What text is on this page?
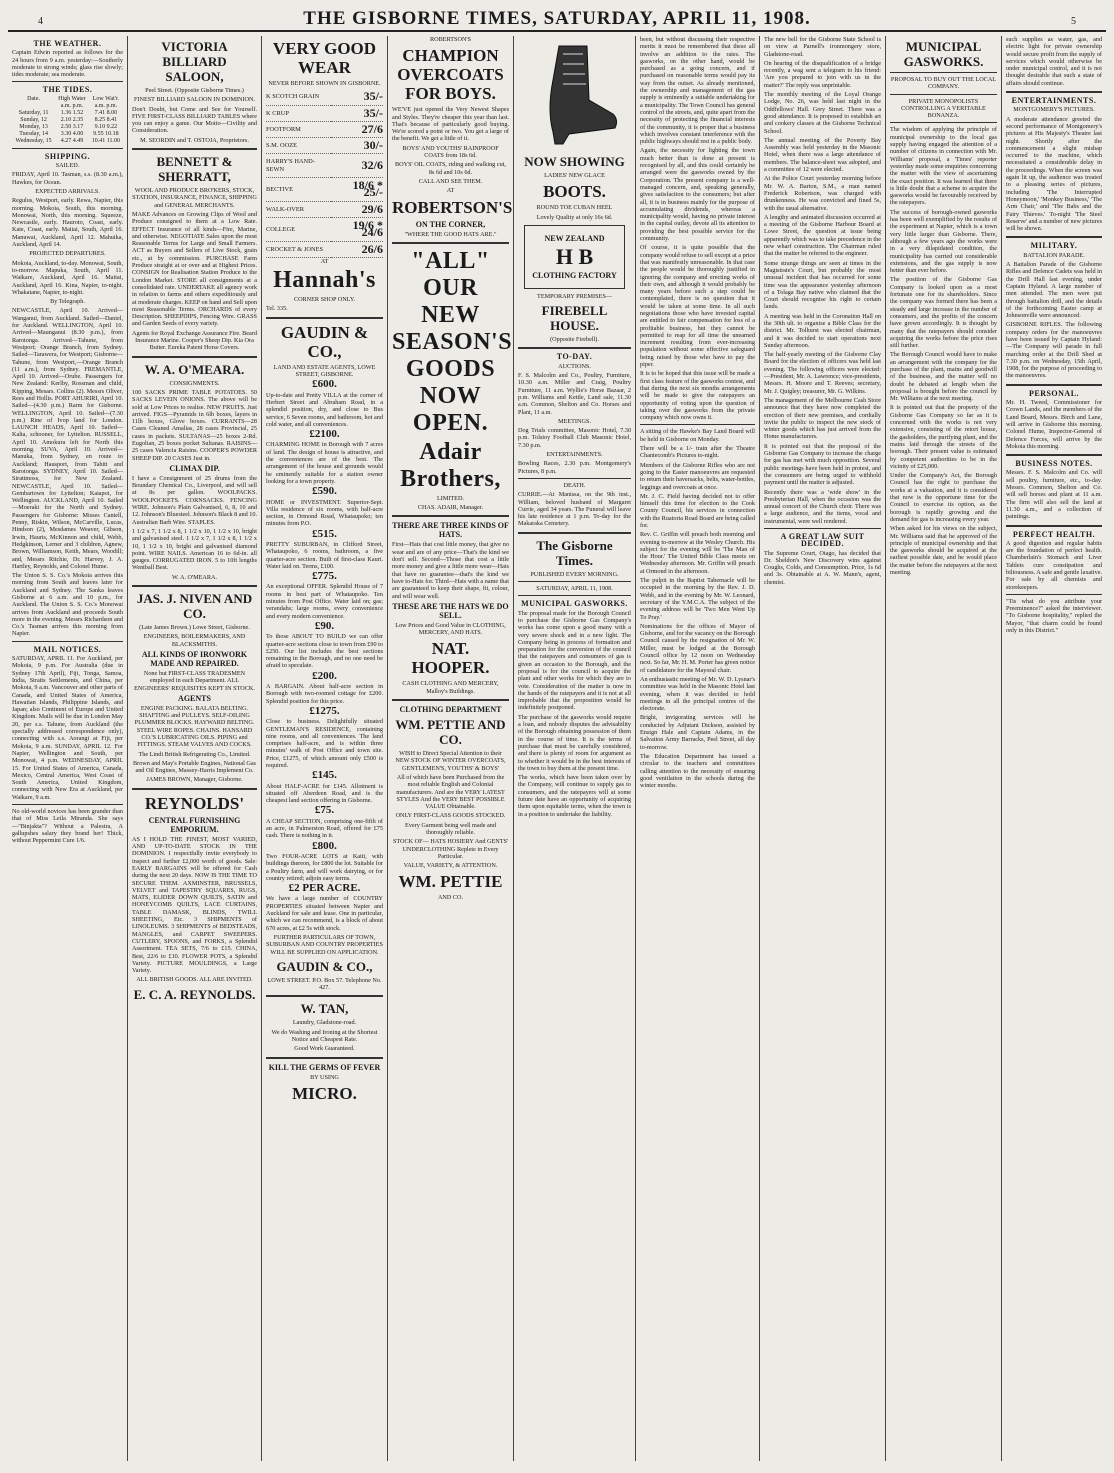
4	THE GISBORNE TIMES, SATURDAY, APRIL 11, 1908.	5
THE WEATHER.

Captain Edwin reported as follows for the 24 hours from 9 a.m. yesterday:—Southerly moderate to strong winds; glass rise slowly; tides moderate; sea moderate.

THE TIDES.
Date.	High Water	Low Wat'r.
	a.m. p.m.	a.m. p.m.
Saturday, 11	1.36 1.52	7.41 8.00
Sunday, 12	2.10 2.35	8.25 8.41
Monday, 13	2.50 3.17	9.10 9.22
Tuesday, 14	3.30 4.00	9.55 10.18
Wednesday, 15	4.27 4.49	10.41 11.00
SHIPPING.

SAILED.

FRIDAY, April 10. Tasman, s.s. (8.30 a.m.), Hawkes, for Ocean.

EXPECTED ARRIVALS.

Regulus, Westport, early. Rewa, Napier, this morning. Mokoia, South, this morning. Monowai, North, this morning. Squeeze, Newcastle, early. Hauroto, Coast, early. Kate, Coast, early. Maitai, South, April 16. Manuwai, Auckland, April 12. Mahuika, Auckland, April 14.

PROJECTED DEPARTURES.

Mokoia, Auckland, to-day. Monowai, South, to-morrow. Mapuka, South, April 11. Waikare, Auckland, April 16. Maitai, Auckland, April 16. Kina, Napier, to-night. Whakatane, Napier, to-night.

By Telegraph.

NEWCASTLE, April 10. Arrived—Wanganui, from Auckland. Sailed—Daniel, for Auckland. WELLINGTON, April 10. Arrived—Maunganui (8.30 p.m.), from Rarotonga. Arrived—Tahune, from Westport; Orange Branch, from Sydney. Sailed—Tarawera, for Westport; Gisborne—Tahune, from Westport,—Orange Branch (11 a.m.), from Sydney. FREMANTLE, April 10. Arrived—Orube. Passengers for New Zealand: Kerlby, Rossman and child, Kipping, Mesars. Collins (2). Messrs Oliver, Rees and Hollis. PORT AHURIRI, April 10. Sailed—(4.30 p.m.) Rarm for Gisborne. WELLINGTON, April 10. Sailed—(7.30 p.m.) Rine of Ivop land for London. LAUNCH HEADS, April 10. Sailed—Kalta, schooner, for Lyttelton. RUSSELL, April 10. Amokura left for North this morning. SUVA, April 10. Arrived—Manuka, from Sydney, en route to Auckland; Hausport, from Tahiti and Rarotonga. SYDNEY, April 10. Sailed—Sirattmoss, for New Zealand. NEWCASTLE, April 10. Sailed—Gembartown for Lyttelton; Kaiapoi, for Wellington. AUCKLAND, April 10. Sailed—Moeraki for the North and Sydney. Passengers for Gisborne: Misses Cantell, Penny, Riskin, Wilson, McCarville, Lucas, Hindson (2), Mesdames Weaver, Gibson, Irwin, Hauris, McKinnon and child, Webb, Hedgkinson, Lerner and 3 children, Agnew, Brown, Williamson, Keith, Mears, Woodill; and, Messrs Ritchie, Dr. Harvey, J. A. Hartley, Reynolds, and Colonel Hume.

The Union S. S. Co.'s Mokoia arrives this morning from South and leaves later for Auckland and Sydney. The Sanka leaves Gisborne at 6 a.m. and 10 p.m., for Auckland. The Union S. S. Co.'s Monowai arrives from Auckland and proceeds South more in the evening. Messrs Richardson and Co.'s Tasman arrives this morning from Napier.

MAIL NOTICES.

SATURDAY, APRIL 11. For Auckland, per Mokoia, 9 p.m. For Australia (due in Sydney 17th April), Fiji, Tonga, Samoa, India, Straits Settlements, and China, per Mokoia, 9 a.m. Vancouver and other parts of Canada, and United States of America, Hawaiian Islands, Philippine Islands, and Japan; also Continent of Europe and United Kingdom. Mails will be due in London May 20, per s.s. Tahune, from Auckland (the specially addressed correspondence only), connecting with s.s. Aorangi at Fiji, per Mokoia, 9 a.m. SUNDAY, APRIL 12. For Napier, Wellington and South, per Monowai, 4 p.m. WEDNESDAY, APRIL 15. For United States of America, Canada, Mexico, Central America, West Coast of South America, United Kingdom, connecting with New Era at Auckland, per Waikare, 9 a.m.

No old-world novices has been grander than that of Miss Leila Miranda. She says—"Binjakta"? Without a Palestra, A gallupshes salary they brand her! Thick, without Peppermint Cure 1/6.

VICTORIA BILLIARD SALOON,

Peel Street. (Opposite Gisborne Times.)

FINEST BILLIARD SALOON IN DOMINION.

Don't Doubt, but Come and See for Yourself. FIVE FIRST-CLASS BILLIARD TABLES where you can enjoy a game. Our Motto—Civility and Consideration.

M. SEORDIN and T. OSTOJA, Proprietors.

BENNETT & SHERRATT,

WOOL AND PRODUCE BRO'KERS, STOCK, STATION, INSURANCE, FINANCE, SHIPPING and GENERAL MERCHANTS.

MAKE Advances on Growing Clips of Wool and Produce consigned to them at a Low Rate. EFFECT Insurance of all kinds—Fire, Marine, and otherwise. NEGOTIATE Sales upon the most Reasonable Terms for Large and Small Farmers. ACT as Buyers and Sellers of Live Stock, grain etc., at by commission. PURCHASE Farm Produce straight at or over and at Highest Prices. CONSIGN for Realisation Station Produce to the London Market. STORE all consignments at a consolidated rate. UNDERTAKE all agency work in relation to farms and others expeditiously and at moderate charges. KEEP on hand and Sell upon most Reasonable Terms. ORCHARDS of every Description. SHEEPDIPS, Fencing Wire. GRASS and Garden Seeds of every variety.

Agents for Royal Exchange Assurance Fire. Beard Insurance Marine. Cooper's Sheep Dip. Kia Ora Butter. Eureka Patent Horse Covers.

W. A. O'MEARA.

CONSIGNMENTS.

100 SACKS PRIME TABLE POTATOES. 50 SACKS LEVEIN ONIONS. The above will be sold at Low Prices to realise. NEW FRUITS. Just arrived. FIGS—Pyramids in 6lb boxes, layers in 11lb boxes, Glove boxes. CURRANTS—28 Cases Cleaned Amalias, 28 cases Provincial, 25 cases in packets. SULTANAS—25 boxes 2-Rd. Eugolian, 25 boxes pocket Sultanas. RAISINS—25 cases Valencia Raisins. COOPER'S POWDER SHEEP DIP. 20 CASES Just in.

CLIMAX DIP.

I have a Consignment of 25 drums from the Boundary Chemical Co., Liverpool, and will sell at 8s per gallon. WOOLPACKS. WOOLPOCKETS. CORNSACKS. FENCING WIRE. Johnson's Plain Galvanised, 6, 8, 10 and 12. Johnson's Bluesteel. Johnson's Black 8 and 10. Australian Barb Wire. STAPLES.

1 1/2 x 7, 1 1/2 x 8, 1 1/2 x 10, 1 1/2 x 10, bright and galvanised steel. 1 1/2 x 7, 1 1/2 x 8, 1 1/2 x 10, 1 1/2 x 10, bright and galvanised diamond point. WIRE NAILS. American 16 to 6d-in. all gauges. CORRUGATED IRON. 5 to 10ft lengths Wentball Best.

W. A. O'MEARA.

JAS. J. NIVEN AND CO.

(Late James Brown.) Lowe Street, Gisborne.

ENGINEERS, BOILERMAKERS, AND BLACKSMITHS.

ALL KINDS OF IRONWORK MADE AND REPAIRED.

None but FIRST-CLASS TRADESMEN employed in each Department. ALL ENGINEERS' REQUISITES KEPT IN STOCK.

AGENTS

ENGINE PACKING. BALATA BELTING. SHAFTING and PULLEYS. SELF-OILING PLUMMER BLOCKS. HAYWARD BELTING. STEEL WIRE ROPES. CHAINS. HANSARD CO.'S LUBRICATING OILS. PIPING and FITTINGS. STEAM VALVES AND COCKS.

The Lindi British Refrigerating Co., Limited.

Brown and May's Portable Engines, National Gas and Oil Engines, Massey-Harris Implement Co.

JAMES BROWN, Manager, Gisborne.

REYNOLDS'
CENTRAL FURNISHING EMPORIUM.

AS I HOLD THE FINEST, MOST VARIED, AND UP-TO-DATE STOCK IN THE DOMINION. I respectfully invite everybody to inspect and further £2,000 worth of goods. Sale: EARLY BARGAINS will be offered for Cash during the next 20 days. NOW IS THE TIME TO SECURE THEM. AXMINSTER, BRUSSELS, VELVET and TAPESTRY SQUARES, RUGS, MATS, ELIDER DOWN QUILTS, SATIN and HONEYCOMB QUILTS, LACE CURTAINS, TABLE DAMASK, BLINDS, TWILL SHEETING, Etc. 3 SHIPMENTS of LINOLEUMS. 3 SHIPMENTS of BEDSTEADS, MANGLES, and CARPET SWEEPERS. CUTLERY, SPOONS, and FORKS, a Splendid Assortment. TEA SETS, 7/6 to £15. CHINA, Best, 22/6 to £10. FLOWER POTS, a Splendid Variety. PICTURE MOULDINGS, a Large Variety.

ALL BRITISH GOODS. ALL ARE INVITED.

E. C. A. REYNOLDS.
VERY GOOD WEAR

NEVER BEFORE SHOWN IN GISBORNE.

K SCOTCH GRAIN	35/-
K CRUP	35/-
FOOTFORM	27/6
S.M. OOZE	30/-
HARRY'S HAND-SEWN	32/6
BECTIVE	18/6 * 25/-
WALK-OVER	29/6
COLLEGE	19/6 * 24/6
CROCKET & JONES	26/6

AT

Hannah's

CORNER SHOP ONLY.

Tel. 335.

GAUDIN & CO.,

LAND AND ESTATE AGENTS, LOWE STREET, GISBORNE.

£600.

Up-to-date and Pretty VILLA at the corner of Herbert Street and Abraham Road, in a splendid position, dry, and close to Bus service, 6 Seven rooms, and bathroom, hot and cold water, and all conveniences.

£2100.

CHARMING HOME in Borough with 7 acres of land. The design of house is attractive, and the conveniences are of the best. The arrangement of the house and grounds would be eminently suitable for a station owner looking for a town property.

£590.

HOME or INVESTMENT. Superior-Sept. Villa residence of six rooms, with half-acre section, in Ormond Road, Whataupoko; ten minutes from P.O.

£515.

PRETTY SUBURBAN, in Clifford Street, Whataupoko, 6 rooms, bathroom, a five quarter-acre section. Built of first-class Kauri. Water laid on. Terms, £100.

£775.

An exceptional OFFER. Splendid House of 7 rooms in best part of Whataupoko. Ten minutes from Post Office. Water laid on; gas; verandahs; large rooms, every convenience and every modern convenience.

£90.

To those ABOUT TO BUILD we can offer quarter-acre sections close to town from £90 to £250. Our list includes the best sections remaining in the Borough, and no one need be afraid to speculate.

£200.

A BARGAIN. About half-acre section in Borough with two-roomed cottage for £200. Splendid position for this price.

£1275.

Close to business. Delightfully situated GENTLEMAN'S RESIDENCE, containing nine rooms, and all conveniences. The land comprises half-acre, and is within three minutes' walk of Post Office and town site. Price, £1275, of which amount only £500 is required.

£145.

About HALF-ACRE for £145. Allotment is situated off Aberdeen Road, and is the cheapest land section offering in Gisborne.

£75.

A CHEAP SECTION, comprising one-fifth of an acre, in Palmerston Road, offered for £75 cash. There is nothing in it.

£800.

Two FOUR-ACRE LOTS at Kaiti, with buildings thereon, for £800 the lot. Suitable for a Poultry farm, and will work dairying, or for country retired; adjoin easy terms.

£2 PER ACRE.

We have a large number of COUNTRY PROPERTIES situated between Napier and Auckland for sale and lease. One in particular, which we can recommend, is a block of about 670 acres, at £2 5s with stock.

FURTHER PARTICULARS OF TOWN, SUBURBAN AND COUNTRY PROPERTIES WILL BE SUPPLIED ON APPLICATION.

GAUDIN & CO.,

LOWE STREET. P.O. Box 57. Telephone No. 427.

W. TAN,

Laundry, Gladstone-road.

We do Washing and Ironing at the Shortest Notice and Cheapest Rate.

Good Work Guaranteed.

KILL THE GERMS OF FEVER

BY USING

MICRO.

ROBERTSON'S

CHAMPION OVERCOATS FOR BOYS.

WE'VE just opened the Very Newest Shapes and Styles. They're cheaper this year than last. That's because of particularly good buying. We're scored a point or two. You get a large of the benefit. We get a little of it.

BOYS' AND YOUTHS' RAINPROOF COATS from 18s 6d.

BOYS' OIL COATS, riding and walking cut, 8s 6d and 10s 6d.

CALL AND SEE THEM.

AT

ROBERTSON'S
ON THE CORNER,

"WHERE THE GOOD HATS ARE."

"ALL" OUR NEW SEASON'S GOODS NOW OPEN.
Adair Brothers,

LIMITED.

CHAS. ADAIR, Manager.

THERE ARE THREE KINDS OF HATS.

First—Hats that cost little money, that give no wear and are of any price—That's the kind we don't sell. Second—Those that cost a little more money and give a little more wear—Hats that have no guarantee—that's the kind we have to-Hats for. Third—Hats with a name that are guaranteed to keep their shape, fit, colour, and will wear well.

THESE ARE THE HATS WE DO SELL.

Low Prices and Good Value in CLOTHING, MERCERY, AND HATS.

NAT. HOOPER.

CASH CLOTHING AND MERCERY, Malloy's Buildings.

CLOTHING DEPARTMENT
WM. PETTIE AND CO.

WISH to Direct Special Attention to their NEW STOCK OF WINTER OVERCOATS, GENTLEMEN'S, YOUTHS' & BOYS'

All of which have been Purchased from the most reliable English and Colonial manufacturers. And are the VERY LATEST STYLES And the VERY BEST POSSIBLE VALUE Obtainable.

ONLY FIRST-CLASS GOODS STOCKED.

Every Garment being well made and thoroughly reliable.

STOCK OF— HATS HOSIERY And GENTS' UNDERCLOTHING Replete in Every Particular.

VALUE, VARIETY, & ATTENTION.

WM. PETTIE

AND CO.

NOW SHOWING

LADIES' NEW GLACE

BOOTS.

ROUND TOE CUBAN HEEL

Lovely Quality at only 16s 6d.

NEW ZEALAND
H B
CLOTHING FACTORY

TEMPORARY PREMISES—

FIREBELL HOUSE.

(Opposite Firebell).

TO-DAY.

AUCTIONS.

F. S. Malcolm and Co., Poultry, Furniture, 10.30 a.m. Miller and Craig, Poultry Furniture, 11 a.m. Wyllie's Horse Bazaar, 2 p.m. Williams and Kettle, Land sale, 11.30 a.m. Common, Shelton and Co. Horses and Plant, 11 a.m.

MEETINGS.

Dog Trials committee, Masonic Hotel, 7.30 p.m. Tolstoy Football Club Masonic Hotel, 7.30 p.m.

ENTERTAINMENTS.

Bowling Races, 2.30 p.m. Montgomery's Pictures, 8 p.m.

DEATH.

CURRIE.—At Manissa, on the 9th inst., William, beloved husband of Margaret Currie, aged 34 years. The Funeral will leave his late residence at 1 p.m. To-day for the Makaraka Cemetery.

The Gisborne Times.

PUBLISHED EVERY MORNING.

SATURDAY, APRIL 11, 1908.

MUNICIPAL GASWORKS.

The proposal made for the Borough Council to purchase the Gisborne Gas Company's works has come upon a good many with a very severe shock and in a new light. The Company being in process of formation and preparation for the conversion of the council that the ratepayers and consumers of gas is given an occasion to the Borough, and the proposal is for the council to acquire the plant and other works for which they are to vote. Consideration of the matter is now in the hands of the ratepayers and it is not at all improbable that the proposition would be indefinitely postponed.

The purchase of the gasworks would require a loan, and nobody disputes the advisability of the Borough obtaining possession of them in the course of time. It is the terms of purchase that must be carefully considered, and there is plenty of room for argument as to whether it would be in the best interests of the town to buy them at the present time.

The works, which have been taken over by the Company, will continue to supply gas to consumers, and the ratepayers will at some future date have an opportunity of acquiring them upon equitable terms, when the town is in a position to undertake the liability.

been, but without discussing their respective merits it must be remembered that these all involve an addition to the rates. The gasworks, on the other hand, would be purchased as a going concern, and if purchased on reasonable terms would pay its way from the outset. As already mentioned, the ownership and management of the gas supply is eminently a suitable undertaking for a municipality. The Town Council has general control of the streets, and, quite apart from the necessity of protecting the financial interests of the community, it is proper that a business which involves constant interference with the public highways should rest in a public body.

Again, the necessity for lighting the town much better than is done at present is recognised by all, and this could certainly be arranged were the gasworks owned by the Corporation. The present company is a well-managed concern, and, speaking generally, gives satisfaction to the consumers; but after all, it is in business mainly for the purpose of accumulating dividends, whereas a municipality would, having no private interest in the capital outlay, devote all its attention to providing the best possible service for the community.

Of course, it is quite possible that the company would refuse to sell except at a price that was manifestly unreasonable. In that case the people would be thoroughly justified in ignoring the company and erecting works of their own, and although it would probably be many years before such a step could be contemplated, there is no question that it would be taken at some time. In all such negotiations those who have invested capital are entitled to fair compensation for loss of a profitable business, but they cannot be permitted to reap for all time the unearned increment resulting from ever-increasing population without some effective safeguard being raised by those who have to pay the piper.

It is to be hoped that this issue will be made a first class feature of the gasworks contest, and that during the next six months arrangements will be made to give the ratepayers an opportunity of voting upon the question of taking over the gasworks from the private company which now owns it.

A sitting of the Hawke's Bay Land Board will be held in Gisborne on Monday.

There will be a 1/- train after the Theatre Chantecomb's Pictures to-night.

Members of the Gisborne Rifles who are not going to the Easter manoeuvres are requested to return their haversacks, belts, water-bottles, leggings and overcoats at once.

Mr. J. C. Field having decided not to offer himself this time for election to the Cook County Council, his services in connection with the Ruatoria Road Board are being called for.

Rev. C. Griffin will preach both morning and evening to-morrow at the Wesley Church. His subject for the evening will be 'The Man of the Hour.' The United Bible Class meets on Wednesday afternoon. Mr. Griffin will preach at Ormond in the afternoon.

The pulpit in the Baptist Tabernacle will be occupied in the morning by the Rev. J. D. Webb, and in the evening by Mr. W. Leonard, secretary of the Y.M.C.A. The subject of the evening address will be 'Two Men Went Up To Pray.'

Nominations for the offices of Mayor of Gisborne, and for the vacancy on the Borough Council caused by the resignation of Mr. W. Miller, must be lodged at the Borough Council office by 12 noon on Wednesday next. So far, Mr. H. M. Porter has given notice of candidature for the Mayoral chair.

An enthusiastic meeting of Mr. W. D. Lysnar's committee was held in the Masonic Hotel last evening, when it was decided to hold meetings in all the principal centres of the electorate.

Bright, invigorating services will be conducted by Adjutant Dickson, assisted by Ensign Hale and Captain Adams, in the Salvation Army Barracks, Peel Street, all day to-morrow.

The Education Department has issued a circular to the teachers and committees calling attention to the necessity of ensuring good ventilation in the schools during the winter months.

The new bell for the Gisborne State School is on view at Parnell's ironmongery store, Gladstone-road.

On hearing of the disqualification of a bridge recently, a wag sent a telegram to his friend: 'Are you prepared to join with us in the matter?' The reply was unprintable.

The monthly meeting of the Loyal Orange Lodge, No. 26, was held last night in the Oddfellows' Hall. Grey Street. There was a good attendance. It is proposed to establish art and cookery classes at the Gisborne Technical School.

The annual meeting of the Poverty Bay Assembly was held yesterday in the Masonic Hotel, when there was a large attendance of members. The balance-sheet was adopted, and a committee of 12 were elected.

At the Police Court yesterday morning before Mr. W. A. Barton, S.M., a man named Frederick Robertson, was charged with drunkenness. He was convicted and fined 5s, with the usual alternative.

A lengthy and animated discussion occurred at a meeting of the Gisborne Harbour Board at Lowe Street, the question at issue being apparently which was to take precedence in the new wharf construction. The Chairman ruled that the matter be referred to the engineer.

Some strange things are seen at times in the Magistrate's Court, but probably the most unusual incident that has occurred for some time was the appearance yesterday afternoon of a Tolaga Bay native who claimed that the Court should recognise his right to certain lands.

A meeting was held in the Coronation Hall on the 30th ult. to organise a Bible Class for the district. Mr. Tolhurst was elected chairman, and it was decided to start operations next Sunday afternoon.

The half-yearly meeting of the Gisborne Clay Board for the election of officers was held last evening. The following officers were elected:—President, Mr. A. Lawrence; vice-presidents, Messrs. H. Moore and T. Reeves; secretary, Mr. J. Quigley; treasurer, Mr. G. Wilkins.

The management of the Melbourne Cash Store announce that they have now completed the erection of their new premises, and cordially invite the public to inspect the new stock of winter goods which has just arrived from the Home manufacturers.

It is pointed out that the proposal of the Gisborne Gas Company to increase the charge for gas has met with much opposition. Several public meetings have been held in protest, and the consumers are being urged to withhold payment until the matter is adjusted.

Recently there was a 'wide show' in the Presbyterian Hall, when the occasion was the annual concert of the Church choir. There was a large audience, and the items, vocal and instrumental, were well rendered.

A GREAT LAW SUIT DECIDED.

The Supreme Court, Otago, has decided that Dr. Sheldon's New Discovery wins against Coughs, Colds, and Consumption. Price, 1s 6d and 3s. Obtainable at A. W. Mann's, agent, chemist.

MUNICIPAL GASWORKS.

PROPOSAL TO BUY OUT THE LOCAL COMPANY.

PRIVATE MONOPOLISTS CONTROLLING A VERITABLE BONANZA.

The wisdom of applying the principle of municipal ownership to the local gas supply having engaged the attention of a number of citizens in connection with Mr. Williams' proposal, a 'Times' reporter yesterday made some enquiries concerning the matter with the view of ascertaining the exact position. It was learned that there is little doubt that a scheme to acquire the gasworks would be favourably received by the ratepayers.

The success of borough-owned gasworks has been well exemplified by the results of the experiment at Napier, which is a town very little larger than Gisborne. There, although a few years ago the works were in a very dilapidated condition, the municipality has carried out considerable extensions, and the gas supply is now better than ever before.

The position of the Gisborne Gas Company is looked upon as a most fortunate one for its shareholders. Since the company was formed there has been a steady and large increase in the number of consumers, and the profits of the concern have grown accordingly. It is thought by many that the ratepayers should consider acquiring the works before the price rises still further.

The Borough Council would have to make an arrangement with the company for the purchase of the plant, mains and goodwill of the business, and the matter will no doubt be debated at length when the proposal is brought before the council by Mr. Williams at the next meeting.

It is pointed out that the property of the Gisborne Gas Company so far as it is concerned with the works is not very extensive, consisting of the retort house, the gasholders, the purifying plant, and the mains laid through the streets of the borough. Their present value is estimated by competent authorities to be in the vicinity of £25,000.

Under the Company's Act, the Borough Council has the right to purchase the works at a valuation, and it is considered that now is the opportune time for the Council to exercise its option, as the borough is rapidly growing and the demand for gas is increasing every year.

When asked for his views on the subject, Mr. Williams said that he approved of the principle of municipal ownership and that the gasworks should be acquired at the earliest possible date, and he would place the matter before the ratepayers at the next meeting.

such supplies as water, gas, and electric light for private ownership would secure profit from the supply of services which would otherwise be under municipal control, and it is not thought desirable that such a state of affairs should continue.

ENTERTAINMENTS.

MONTGOMERY'S PICTURES.

A moderate attendance greeted the second performance of Montgomery's pictures at His Majesty's Theatre last night. Shortly after the commencement a slight mishap occurred to the machine, which necessitated a considerable delay in the proceedings. When the screen was again lit up, the audience was treated to a pleasing series of pictures, including 'The Interrupted Honeymoon,' 'Monkey Business,' 'The Arm Chair,' and 'The Babs and the Fairy Thieves.' To-night 'The Steel Reserve' and a number of new pictures will be shown.

MILITARY.

BATTALION PARADE.

A Battalion Parade of the Gisborne Rifles and Defence Cadets was held in the Drill Hall last evening, under Captain Hyland. A large number of men attended. The men were put through battalion drill, and the details of the forthcoming Easter camp at Johnsonville were announced.

GISBORNE RIFLES. The following company orders for the manoeuvres have been issued by Captain Hyland:—The Company will parade in full marching order at the Drill Shed at 7.30 p.m. on Wednesday, 15th April, 1908, for the purpose of proceeding to the manoeuvres.

PERSONAL.

Mr. H. Tweed, Commissioner for Crown Lands, and the members of the Land Board, Messrs. Birch and Lane, will arrive in Gisborne this morning. Colonel Hume, Inspector-General of Defence Forces, will arrive by the Mokoia this morning.

BUSINESS NOTES.

Messrs. F. S. Malcolm and Co. will sell poultry, furniture, etc., to-day. Messrs. Common, Shelton and Co. will sell horses and plant at 11 a.m. The firm will also sell the land at 11.30 a.m., and a collection of paintings.

PERFECT HEALTH.

A good digestion and regular habits are the foundation of perfect health. Chamberlain's Stomach and Liver Tablets cure constipation and biliousness. A safe and gentle laxative. For sale by all chemists and storekeepers.

"Tis what do you attribute your Preeminence?" asked the interviewer. "To Gisborne hospitality," replied the Mayor, "that charm could be found only in this District."
